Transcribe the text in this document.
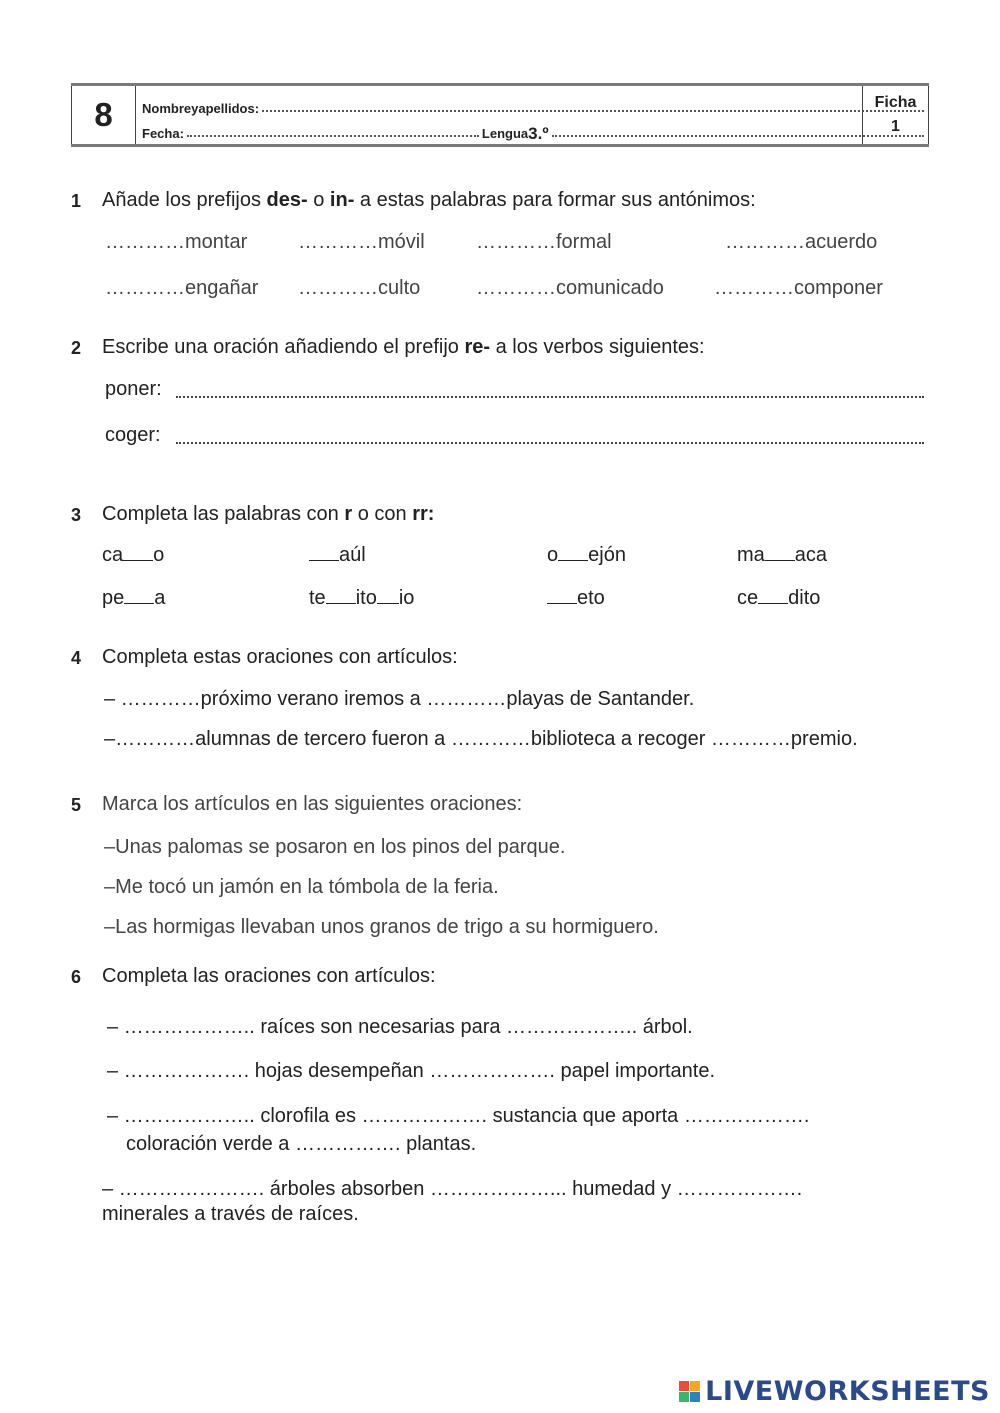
8	Nombreyapellidos:
Fecha:	Lengua 3.º
Ficha
1
1 Añade los prefijos des- o in- a estas palabras para formar sus antónimos:
…………montar	…………móvil	…………formal	…………acuerdo
…………engañar …………culto	…………comunicado	…………componer
2 Escribe una oración añadiendo el prefijo re- a los verbos siguientes:
poner:
coger:
3 Completa las palabras con r o con rr:
ca o	aúl	o ejón	ma aca
pe a	te ito io	eto	ce dito
4 Completa estas oraciones con artículos:
– …………próximo verano iremos a …………playas de Santander.
–…………alumnas de tercero fueron a …………biblioteca a recoger …………premio.
5 Marca los artículos en las siguientes oraciones:
–Unas palomas se posaron en los pinos del parque.
–Me tocó un jamón en la tómbola de la feria.
–Las hormigas llevaban unos granos de trigo a su hormiguero.
6 Completa las oraciones con artículos:
– ……………….. raíces son necesarias para ……………….. árbol.
– ………………. hojas desempeñan ………………. papel importante.
– ……………….. clorofila es ………………. sustancia que aporta ……………….
coloración verde a ……………. plantas.
– …………………. árboles absorben ………………... humedad y ……………….
minerales a través de raíces.
LIVEWORKSHEETS
